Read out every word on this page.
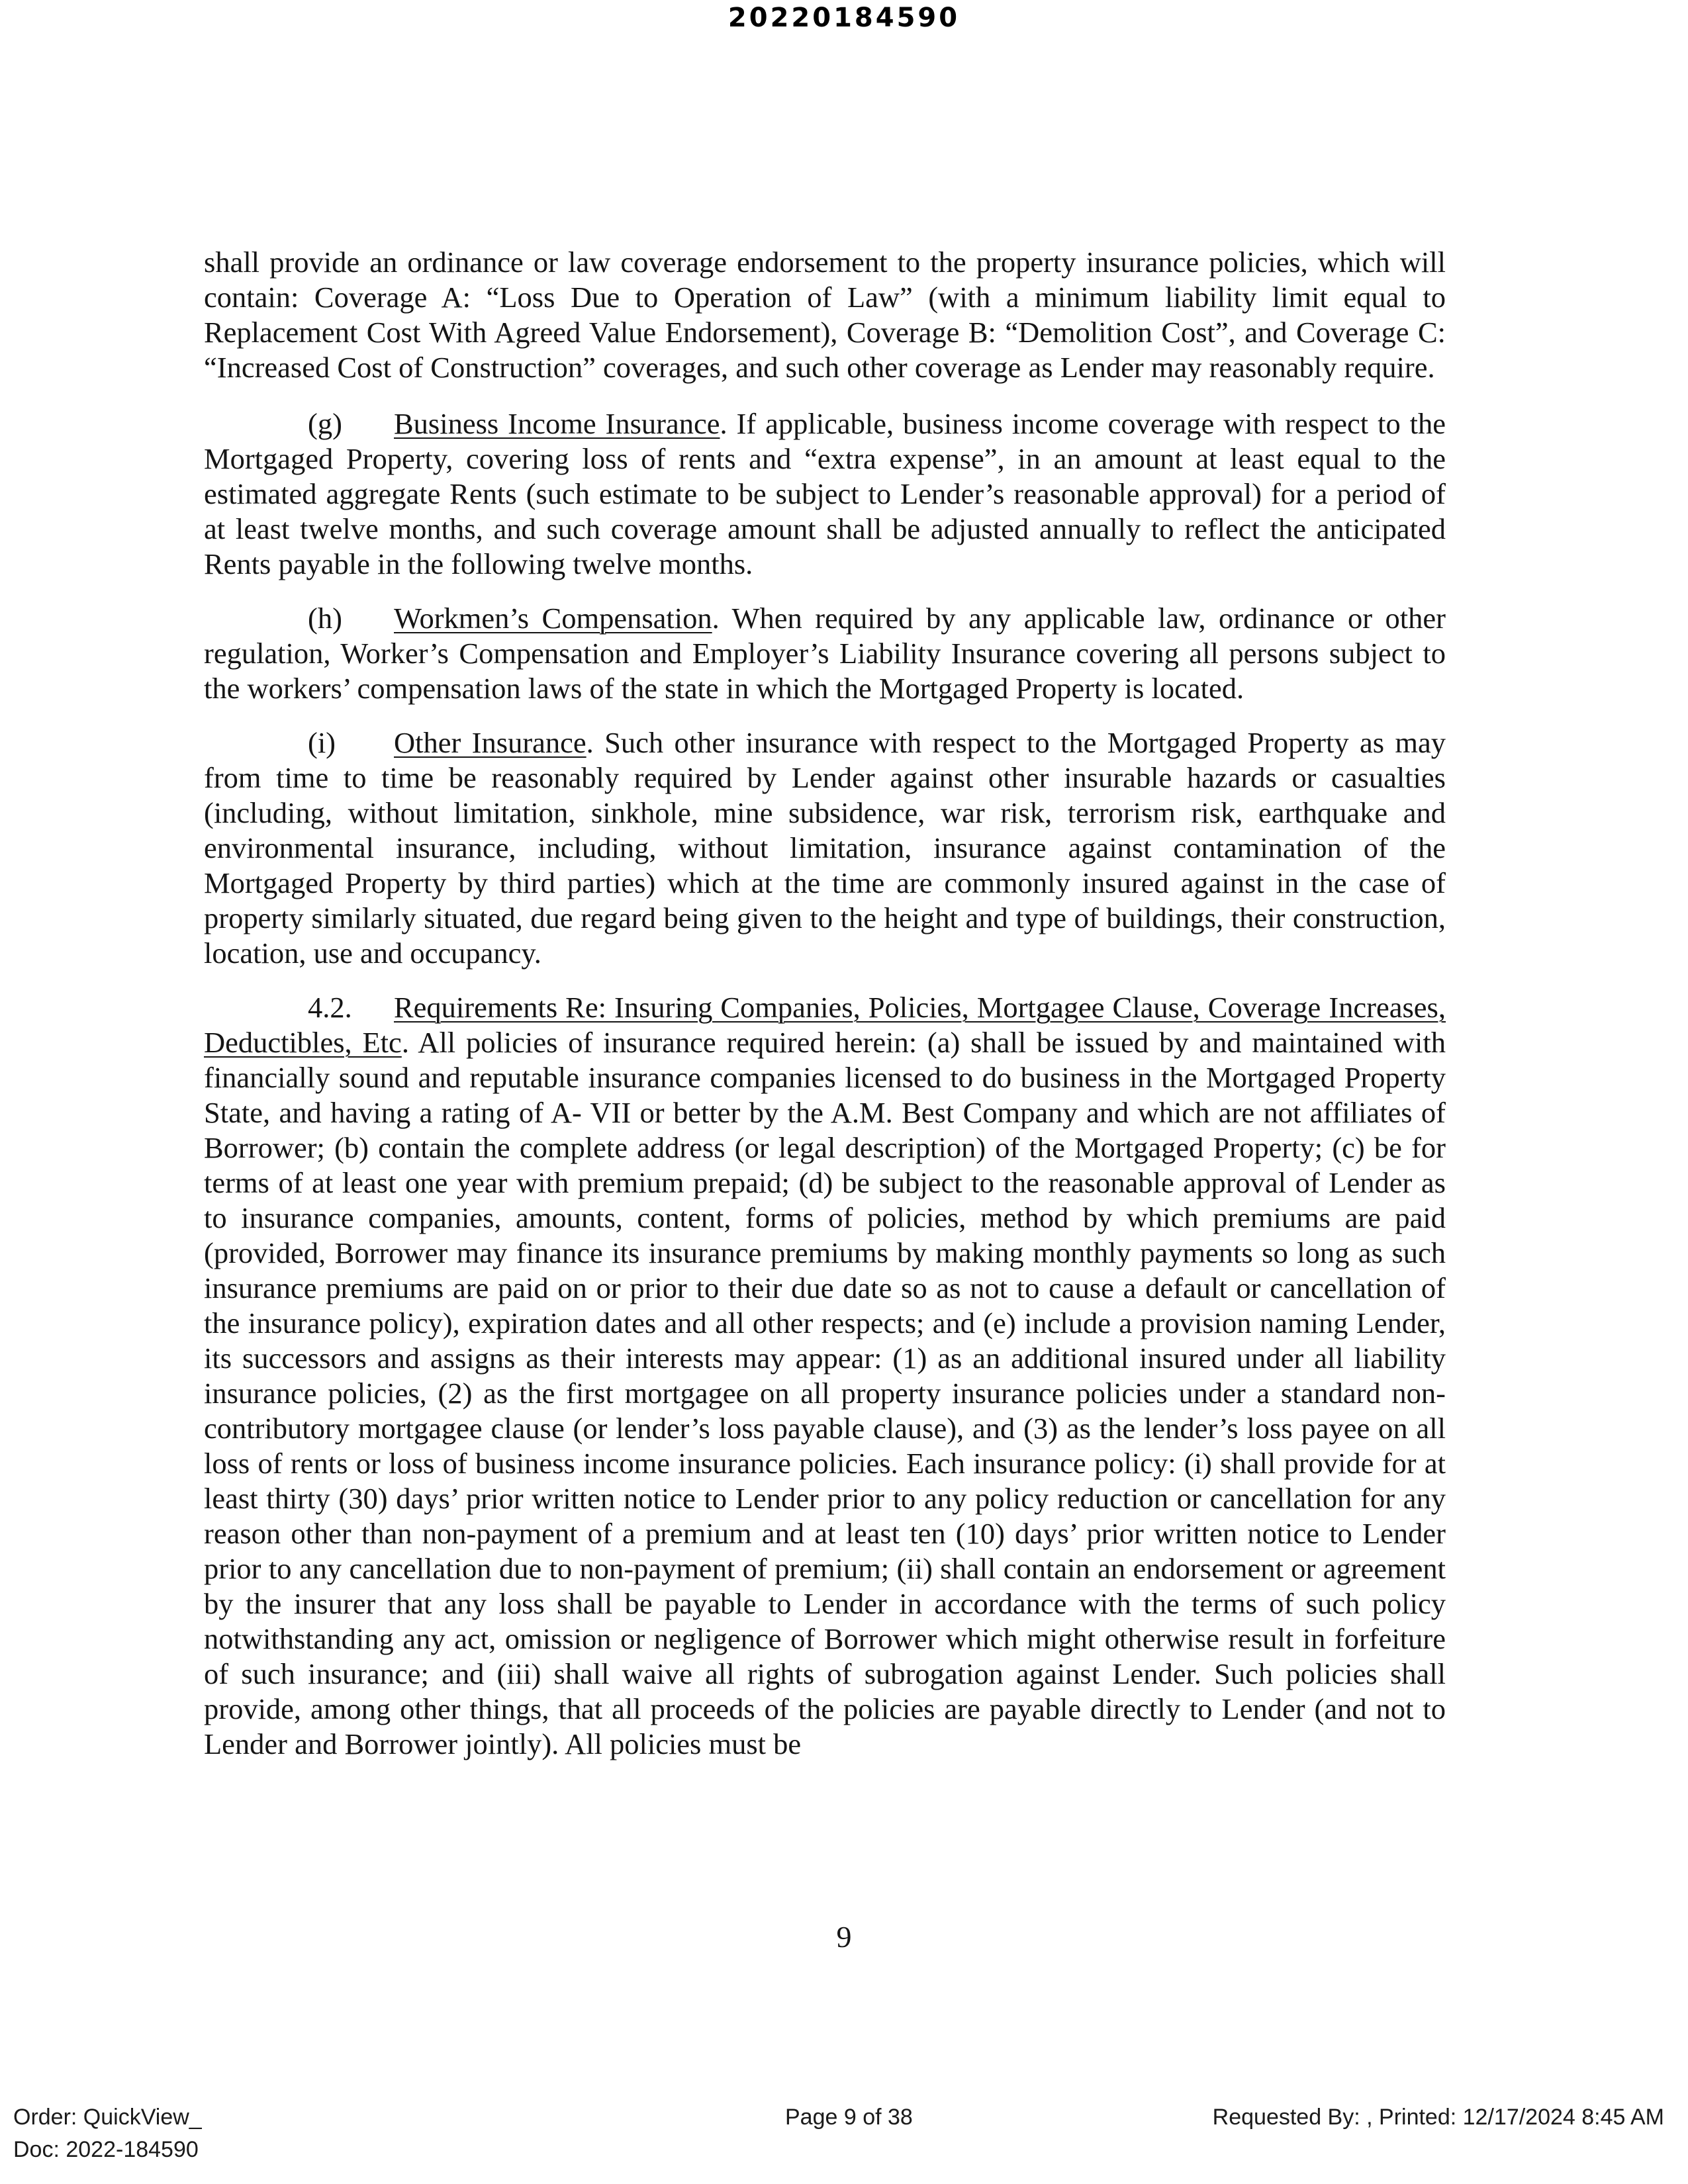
20220184590

shall provide an ordinance or law coverage endorsement to the property insurance policies, which will contain: Coverage A: “Loss Due to Operation of Law” (with a minimum liability limit equal to Replacement Cost With Agreed Value Endorsement), Coverage B: “Demolition Cost”, and Coverage C: “Increased Cost of Construction” coverages, and such other coverage as Lender may reasonably require.

(g) Business Income Insurance. If applicable, business income coverage with respect to the Mortgaged Property, covering loss of rents and “extra expense”, in an amount at least equal to the estimated aggregate Rents (such estimate to be subject to Lender’s reasonable approval) for a period of at least twelve months, and such coverage amount shall be adjusted annually to reflect the anticipated Rents payable in the following twelve months.

(h) Workmen’s Compensation. When required by any applicable law, ordinance or other regulation, Worker’s Compensation and Employer’s Liability Insurance covering all persons subject to the workers’ compensation laws of the state in which the Mortgaged Property is located.

(i) Other Insurance. Such other insurance with respect to the Mortgaged Property as may from time to time be reasonably required by Lender against other insurable hazards or casualties (including, without limitation, sinkhole, mine subsidence, war risk, terrorism risk, earthquake and environmental insurance, including, without limitation, insurance against contamination of the Mortgaged Property by third parties) which at the time are commonly insured against in the case of property similarly situated, due regard being given to the height and type of buildings, their construction, location, use and occupancy.

4.2. Requirements Re: Insuring Companies, Policies, Mortgagee Clause, Coverage Increases, Deductibles, Etc. All policies of insurance required herein: (a) shall be issued by and maintained with financially sound and reputable insurance companies licensed to do business in the Mortgaged Property State, and having a rating of A- VII or better by the A.M. Best Company and which are not affiliates of Borrower; (b) contain the complete address (or legal description) of the Mortgaged Property; (c) be for terms of at least one year with premium prepaid; (d) be subject to the reasonable approval of Lender as to insurance companies, amounts, content, forms of policies, method by which premiums are paid (provided, Borrower may finance its insurance premiums by making monthly payments so long as such insurance premiums are paid on or prior to their due date so as not to cause a default or cancellation of the insurance policy), expiration dates and all other respects; and (e) include a provision naming Lender, its successors and assigns as their interests may appear: (1) as an additional insured under all liability insurance policies, (2) as the first mortgagee on all property insurance policies under a standard non-contributory mortgagee clause (or lender’s loss payable clause), and (3) as the lender’s loss payee on all loss of rents or loss of business income insurance policies. Each insurance policy: (i) shall provide for at least thirty (30) days’ prior written notice to Lender prior to any policy reduction or cancellation for any reason other than non-payment of a premium and at least ten (10) days’ prior written notice to Lender prior to any cancellation due to non-payment of premium; (ii) shall contain an endorsement or agreement by the insurer that any loss shall be payable to Lender in accordance with the terms of such policy notwithstanding any act, omission or negligence of Borrower which might otherwise result in forfeiture of such insurance; and (iii) shall waive all rights of subrogation against Lender. Such policies shall provide, among other things, that all proceeds of the policies are payable directly to Lender (and not to Lender and Borrower jointly). All policies must be

9
Order: QuickView_
Doc: 2022-184590
Page 9 of 38	Requested By: , Printed: 12/17/2024 8:45 AM
